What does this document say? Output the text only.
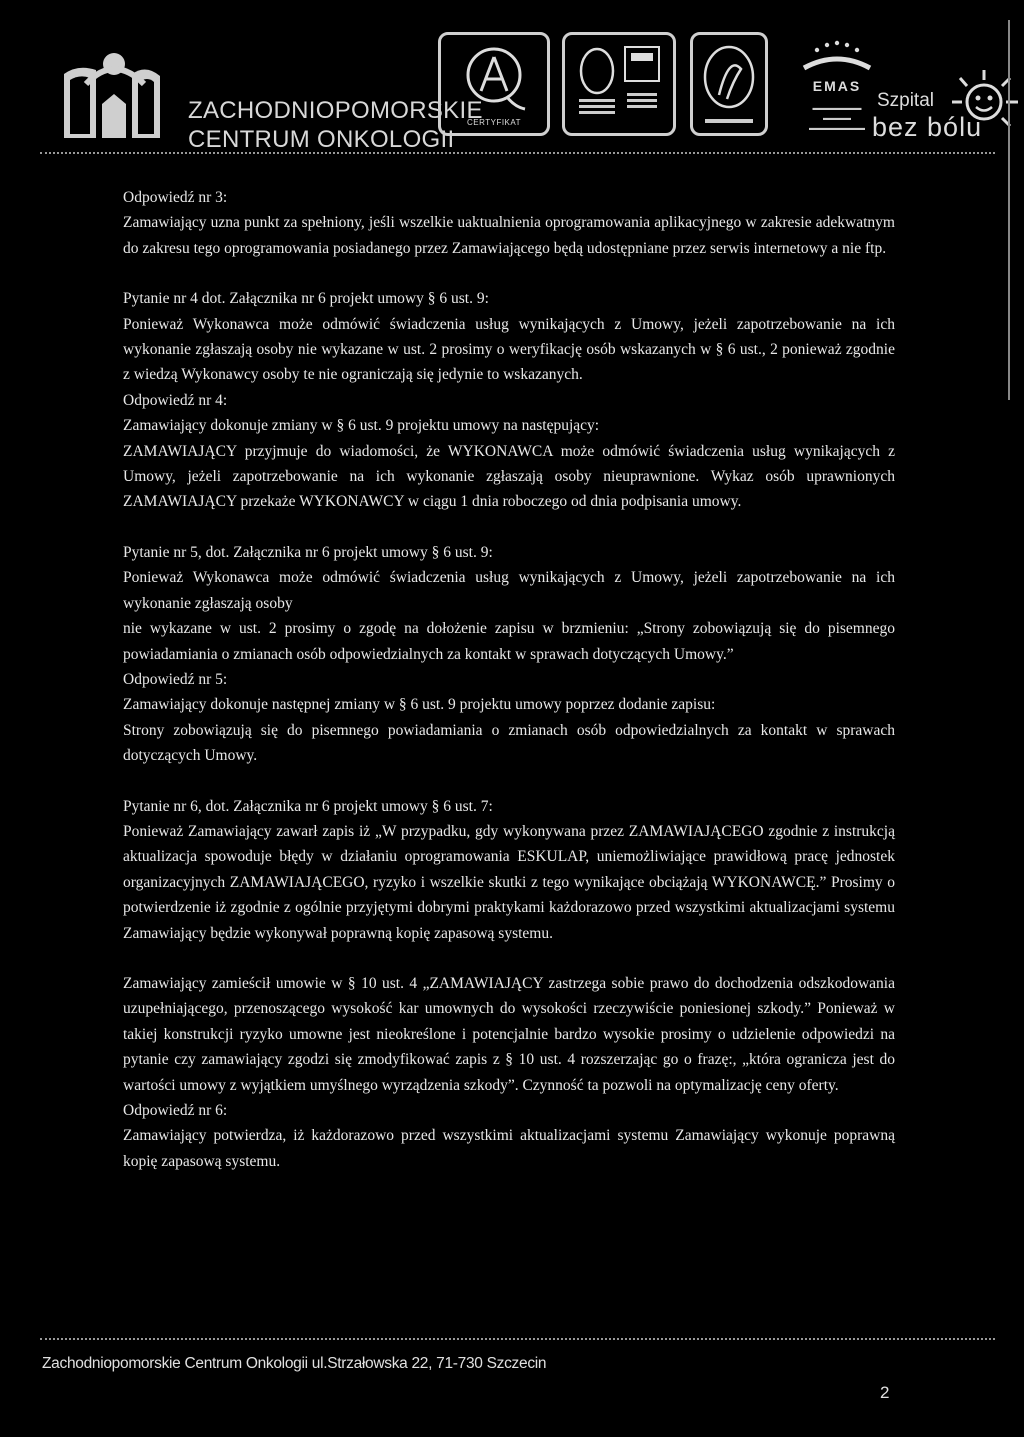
ZACHODNIOPOMORSKIE
CENTRUM ONKOLOGII
CERTYFIKAT
EMAS
▬▬▬▬▬▬▬
▬▬▬▬
▬▬▬▬▬▬▬▬
Szpital
bez bólu

Odpowiedź nr 3:

Zamawiający uzna punkt za spełniony, jeśli wszelkie uaktualnienia oprogramowania aplikacyjnego w zakresie adekwatnym do zakresu tego oprogramowania posiadanego przez Zamawiającego będą udostępniane przez serwis internetowy a nie ftp.

Pytanie nr 4 dot. Załącznika nr 6 projekt umowy § 6 ust. 9:

Ponieważ Wykonawca może odmówić świadczenia usług wynikających z Umowy, jeżeli zapotrzebowanie na ich wykonanie zgłaszają osoby nie wykazane w ust. 2 prosimy o weryfikację osób wskazanych w § 6 ust., 2 ponieważ zgodnie z wiedzą Wykonawcy osoby te nie ograniczają się jedynie to wskazanych.

Odpowiedź nr 4:

Zamawiający dokonuje zmiany w § 6 ust. 9 projektu umowy na następujący:

ZAMAWIAJĄCY przyjmuje do wiadomości, że WYKONAWCA może odmówić świadczenia usług wynikających z Umowy, jeżeli zapotrzebowanie na ich wykonanie zgłaszają osoby nieuprawnione. Wykaz osób uprawnionych ZAMAWIAJĄCY przekaże WYKONAWCY w ciągu 1 dnia roboczego od dnia podpisania umowy.

Pytanie nr 5, dot. Załącznika nr 6 projekt umowy § 6 ust. 9:

Ponieważ Wykonawca może odmówić świadczenia usług wynikających z Umowy, jeżeli zapotrzebowanie na ich wykonanie zgłaszają osoby

nie wykazane w ust. 2 prosimy o zgodę na dołożenie zapisu w brzmieniu: „Strony zobowiązują się do pisemnego powiadamiania o zmianach osób odpowiedzialnych za kontakt w sprawach dotyczących Umowy.”

Odpowiedź nr 5:

Zamawiający dokonuje następnej zmiany w § 6 ust. 9 projektu umowy poprzez dodanie zapisu:

Strony zobowiązują się do pisemnego powiadamiania o zmianach osób odpowiedzialnych za kontakt w sprawach dotyczących Umowy.

Pytanie nr 6, dot. Załącznika nr 6 projekt umowy § 6 ust. 7:

Ponieważ Zamawiający zawarł zapis iż „W przypadku, gdy wykonywana przez ZAMAWIAJĄCEGO zgodnie z instrukcją aktualizacja spowoduje błędy w działaniu oprogramowania ESKULAP, uniemożliwiające prawidłową pracę jednostek organizacyjnych ZAMAWIAJĄCEGO, ryzyko i wszelkie skutki z tego wynikające obciążają WYKONAWCĘ.” Prosimy o potwierdzenie iż zgodnie z ogólnie przyjętymi dobrymi praktykami każdorazowo przed wszystkimi aktualizacjami systemu Zamawiający będzie wykonywał poprawną kopię zapasową systemu.

Zamawiający zamieścił umowie w § 10 ust. 4 „ZAMAWIAJĄCY zastrzega sobie prawo do dochodzenia odszkodowania uzupełniającego, przenoszącego wysokość kar umownych do wysokości rzeczywiście poniesionej szkody.” Ponieważ w takiej konstrukcji ryzyko umowne jest nieokreślone i potencjalnie bardzo wysokie prosimy o udzielenie odpowiedzi na pytanie czy zamawiający zgodzi się zmodyfikować zapis z § 10 ust. 4 rozszerzając go o frazę:, „która ogranicza jest do wartości umowy z wyjątkiem umyślnego wyrządzenia szkody”. Czynność ta pozwoli na optymalizację ceny oferty.

Odpowiedź nr 6:

Zamawiający potwierdza, iż każdorazowo przed wszystkimi aktualizacjami systemu Zamawiający wykonuje poprawną kopię zapasową systemu.

Zachodniopomorskie Centrum Onkologii ul.Strzałowska 22, 71-730 Szczecin
2
